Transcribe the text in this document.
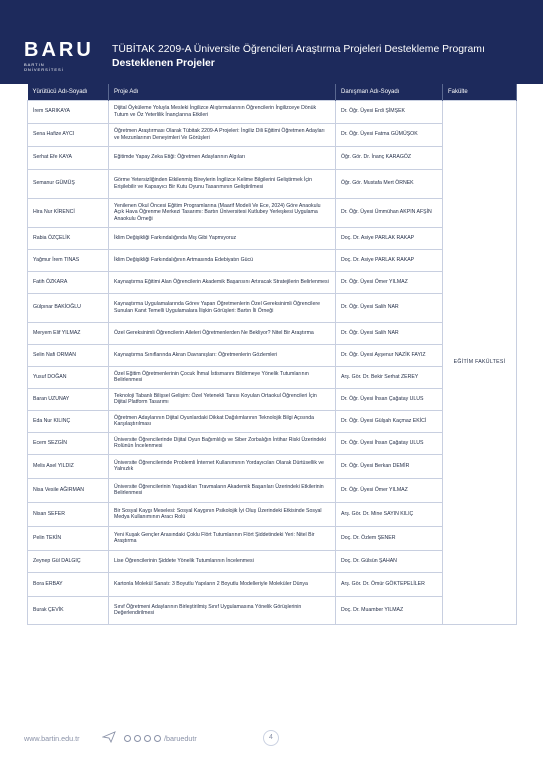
BARU
BARTIN ÜNİVERSİTESİ
TÜBİTAK 2209-A Üniversite Öğrencileri Araştırma Projeleri Destekleme Programı
Desteklenen Projeler
Yürütücü Adı-Soyadı	Proje Adı	Danışman Adı-Soyadı	Fakülte
İrem SARIKAYA	Dijital Öyküleme Yoluyla Mesleki İngilizce Alıştırmalarının Öğrencilerin İngilizceye Dönük Tutum ve Öz Yeterlilik İnançlarına Etkileri	Dr. Öğr. Üyesi Erdi ŞİMŞEK	EĞİTİM FAKÜLTESİ
Sena Hafize AYCI	Öğretmen Araştırması Olarak Tübitak 2209-A Projeleri: İngiliz Dili Eğitimi Öğretmen Adayları ve Mezunlarının Deneyimleri Ve Görüşleri	Dr. Öğr. Üyesi Fatma GÜMÜŞOK	
Serhat Efe KAYA	Eğitimde Yapay Zeka Etiği: Öğretmen Adaylarının Algıları	Öğr. Gör. Dr. İnanç KARAGÖZ	
Semanur GÜMÜŞ	Görme Yetersizliğinden Etkilenmiş Bireylerin İngilizce Kelime Bilgilerini Geliştirmek İçin Erişilebilir ve Kapsayıcı Bir Kutu Oyunu Tasarımının Geliştirilmesi	Öğr. Gör. Mustafa Mert ÖRNEK	
Hira Nur KİRENCİ	Yenilenen Okul Öncesi Eğitim Programlarına (Maarif Modeli Ve Ece, 2024) Göre Anaokulu Açık Hava Öğrenme Merkezi Tasarımı: Bartın Üniversitesi Kutlubey Yerleşkesi Uygulama Anaokulu Örneği	Dr. Öğr. Üyesi Ümmühan AKPIN AFŞİN	
Rabia ÖZÇELİK	İklim Değişikliği Farkındalığında Mış Gibi Yapmıyoruz	Doç. Dr. Asiye PARLAK RAKAP	
Yağmur İrem TINAS	İklim Değişikliği Farkındalığının Artmasında Edebiyatın Gücü	Doç. Dr. Asiye PARLAK RAKAP	
Fatih ÖZKARA	Kaynaştırma Eğitimi Alan Öğrencilerin Akademik Başarısını Artıracak Stratejilerin Belirlenmesi	Dr. Öğr. Üyesi Ömer YILMAZ	
Gülpınar BAKİOĞLU	Kaynaştırma Uygulamalarında Görev Yapan Öğretmenlerin Özel Gereksinimli Öğrencilere Sunulan Kanıt Temelli Uygulamalara İlişkin Görüşleri: Bartın İli Örneği	Dr. Öğr. Üyesi Salih NAR	
Meryem Elif YILMAZ	Özel Gereksinimli Öğrencilerin Aileleri Öğretmenlerden Ne Bekliyor? Nitel Bir Araştırma	Dr. Öğr. Üyesi Salih NAR	
Selin Nafi ORMAN	Kaynaştırma Sınıflarında Akran Davranışları: Öğretmenlerin Gözlemleri	Dr. Öğr. Üyesi Ayşenur NAZİK FAYIZ	
Yusuf DOĞAN	Özel Eğitim Öğretmenlerinin Çocuk İhmal İstismarını Bildirmeye Yönelik Tutumlarının Belirlenmesi	Arş. Gör. Dr. Bekir Serhat ZEREY	
Baran UZUNAY	Teknoloji Tabanlı Bilişsel Gelişim: Özel Yetenekli Tanısı Koyulan Ortaokul Öğrencileri İçin Dijital Platform Tasarımı	Dr. Öğr. Üyesi İhsan Çağatay ULUS	
Eda Nur KILINÇ	Öğretmen Adaylarının Dijital Oyunlardaki Dikkat Dağılımlarının Teknolojik Bilgi Açısında Karşılaştırılması	Dr. Öğr. Üyesi Gülşah Kaçmaz EKİCİ	
Ecem SEZGİN	Üniversite Öğrencilerinde Dijital Oyun Bağımlılığı ve Siber Zorbalığın İntihar Riski Üzerindeki Rolünün İncelenmesi	Dr. Öğr. Üyesi İhsan Çağatay ULUS	
Melis Asel YILDIZ	Üniversite Öğrencilerinde Problemli İnternet Kullanımının Yordayıcıları Olarak Dürtüsellik ve Yalnızlık	Dr. Öğr. Üyesi Berkan DEMİR	
Nisa Vesile AĞIRMAN	Üniversite Öğrencilerinin Yaşadıkları Travmaların Akademik Başarıları Üzerindeki Etkilerinin Belirlenmesi	Dr. Öğr. Üyesi Ömer YILMAZ	
Nisan SEFER	Bir Sosyal Kaygı Meselesi: Sosyal Kaygının Psikolojik İyi Oluş Üzerindeki Etkisinde Sosyal Medya Kullanımının Aracı Rolü	Arş. Gör. Dr. Mine SAYIN KILIÇ	
Pelin TEKİN	Yeni Kuşak Gençler Arasındaki Çoklu Flört Tutumlarının Flört Şiddetindeki Yeri: Nitel Bir Araştırma	Doç. Dr. Özlem ŞENER	
Zeynep Gül DALGIÇ	Lise Öğrencilerinin Şiddete Yönelik Tutumlarının İncelenmesi	Doç. Dr. Gülsün ŞAHAN	
Bora ERBAY	Kartonla Molekül Sanatı: 3 Boyutlu Yapıların 2 Boyutlu Modelleriyle Moleküler Dünya	Arş. Gör. Dr. Ömür GÖKTEPELİLER	
Burak ÇEVİK	Sınıf Öğretmeni Adaylarının Birleştirilmiş Sınıf Uygulamasına Yönelik Görüşlerinin Değerlendirilmesi	Doç. Dr. Muamber YILMAZ	
www.bartin.edu.tr	/baruedutr	4
